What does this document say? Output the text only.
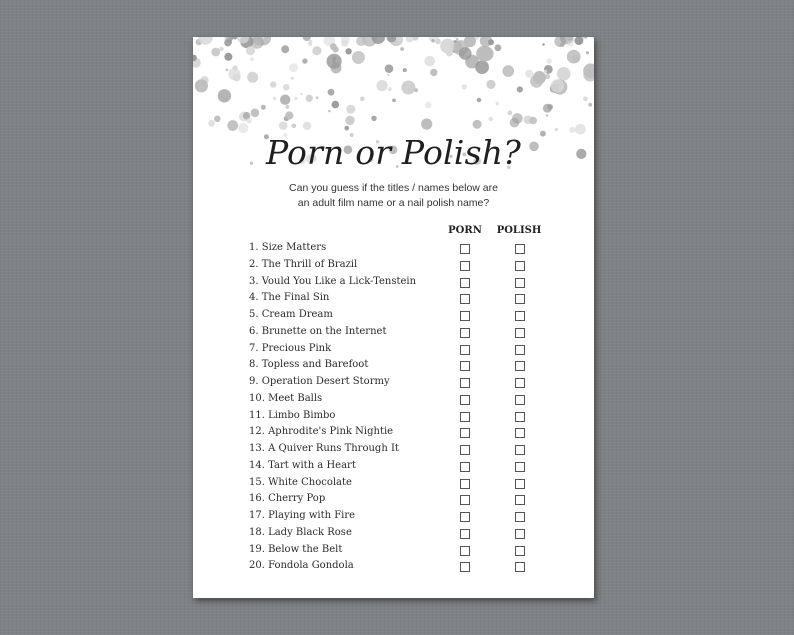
Porn or Polish?
Can you guess if the titles / names below are
an adult film name or a nail polish name?
PORN	POLISH
1. Size Matters
2. The Thrill of Brazil
3. Vould You Like a Lick-Tenstein
4. The Final Sin
5. Cream Dream
6. Brunette on the Internet
7. Precious Pink
8. Topless and Barefoot
9. Operation Desert Stormy
10. Meet Balls
11. Limbo Bimbo
12. Aphrodite's Pink Nightie
13. A Quiver Runs Through It
14. Tart with a Heart
15. White Chocolate
16. Cherry Pop
17. Playing with Fire
18. Lady Black Rose
19. Below the Belt
20. Fondola Gondola
